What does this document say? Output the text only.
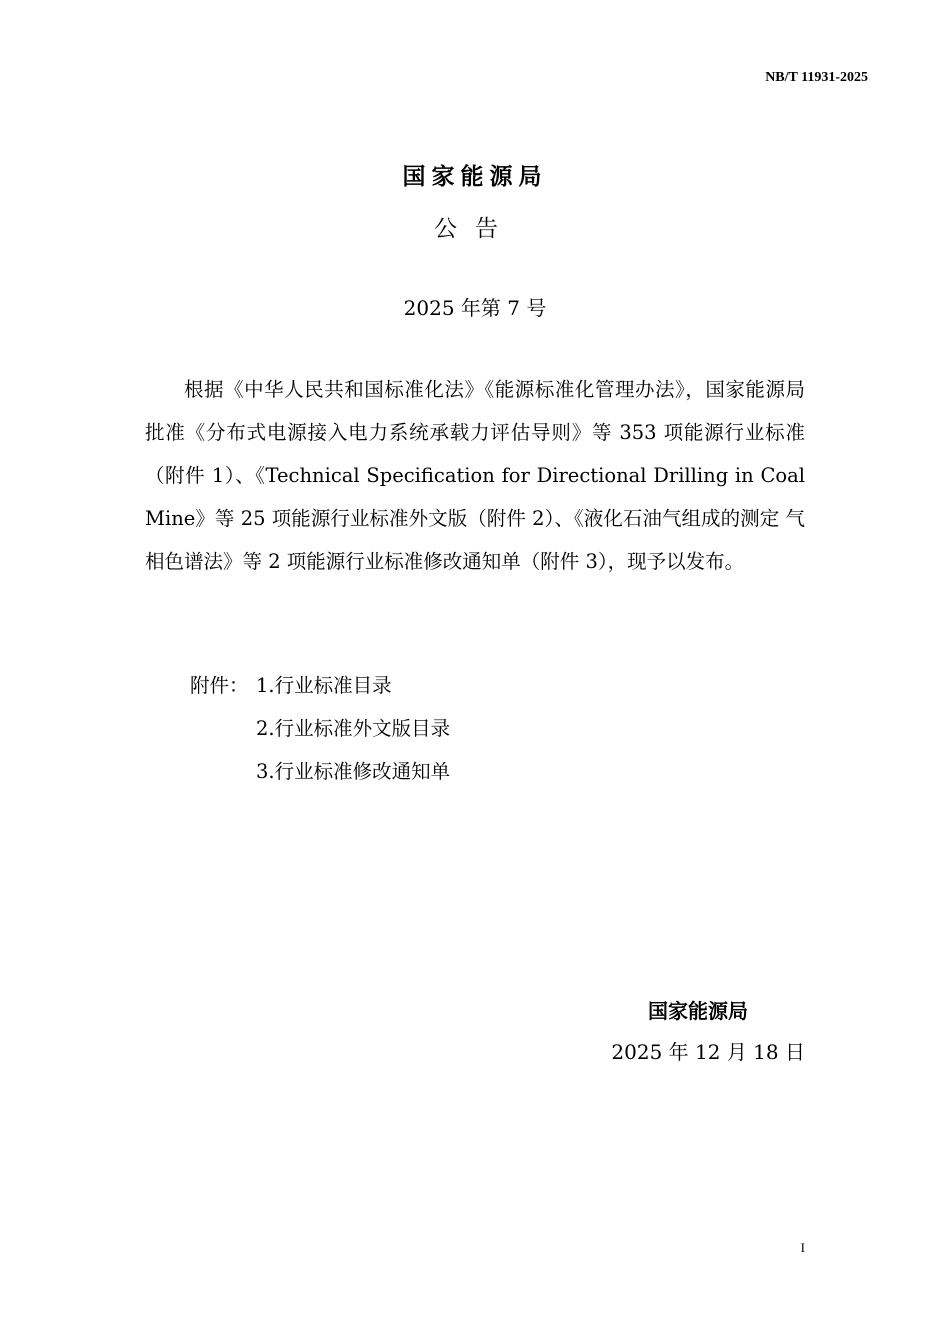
NB/T 11931-2025
国家能源局
公告
2025 年第 7 号

根据《中华人民共和国标准化法》《能源标准化管理办法》，国家能源局批准《分布式电源接入电力系统承载力评估导则》等 353 项能源行业标准（附件 1）、《Technical Specification for Directional Drilling in Coal Mine》等 25 项能源行业标准外文版（附件 2）、《液化石油气组成的测定 气相色谱法》等 2 项能源行业标准修改通知单（附件 3），现予以发布。

附件： 1.行业标准目录
2.行业标准外文版目录
3.行业标准修改通知单
国家能源局
2025 年 12 月 18 日
I
